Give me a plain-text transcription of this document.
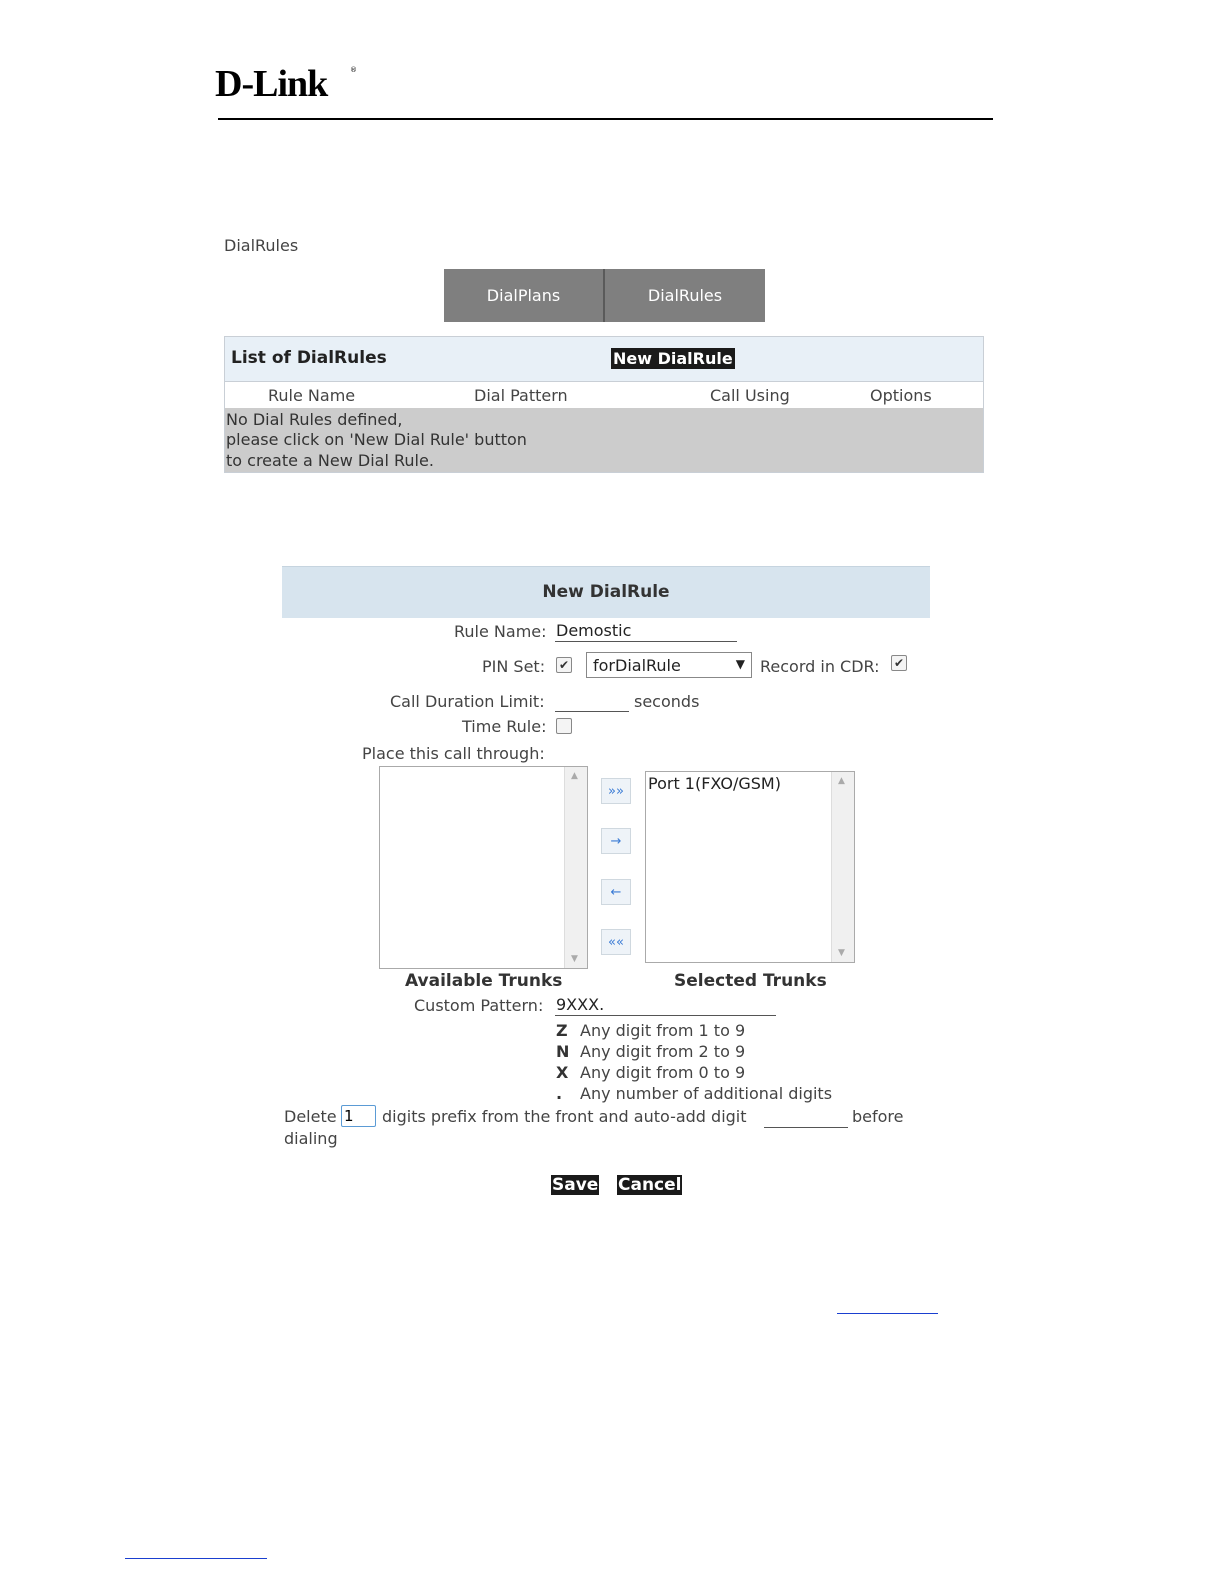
D-Link	®
DialRules
DialPlans	DialRules
List of DialRules	New DialRule
Rule Name	Dial Pattern	Call Using	Options
No Dial Rules defined,
please click on 'New Dial Rule' button
to create a New Dial Rule.
New DialRule
Rule Name:
Demostic
PIN Set: ✔ forDialRule	▼ Record in CDR: ✔
Call Duration Limit:	seconds
Time Rule:
Place this call through:
▲
▼
»»
→
←
««
Port 1(FXO/GSM)	▲
▼
Available Trunks	Selected Trunks
Custom Pattern:
9XXX.
Z Any digit from 1 to 9
N Any digit from 2 to 9
X Any digit from 0 to 9
. Any number of additional digits
Delete
1	digits prefix from the front and auto-add digit	before
dialing
Save Cancel
